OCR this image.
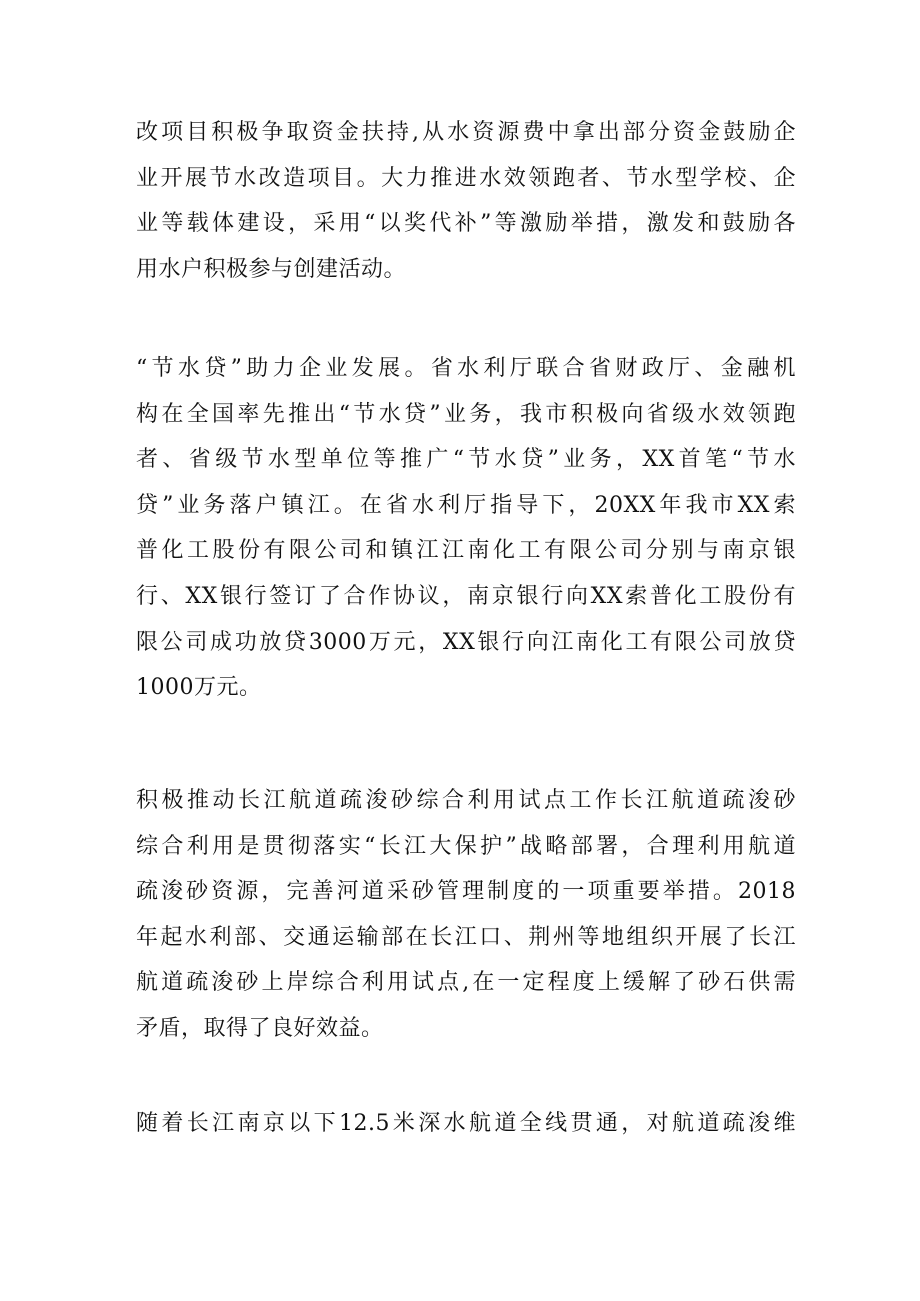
改项目积极争取资金扶持,从水资源费中拿出部分资金鼓励企
业开展节水改造项目。大力推进水效领跑者、节水型学校、企
业等载体建设，采用“以奖代补”等激励举措，激发和鼓励各
用水户积极参与创建活动。
“节水贷”助力企业发展。省水利厅联合省财政厅、金融机
构在全国率先推出“节水贷”业务，我市积极向省级水效领跑
者、省级节水型单位等推广“节水贷”业务，XX首笔“节水
贷”业务落户镇江。在省水利厅指导下，20XX年我市XX索
普化工股份有限公司和镇江江南化工有限公司分别与南京银
行、XX银行签订了合作协议，南京银行向XX索普化工股份有
限公司成功放贷3000万元，XX银行向江南化工有限公司放贷
1000万元。
积极推动长江航道疏浚砂综合利用试点工作长江航道疏浚砂
综合利用是贯彻落实“长江大保护”战略部署，合理利用航道
疏浚砂资源，完善河道采砂管理制度的一项重要举措。2018
年起水利部、交通运输部在长江口、荆州等地组织开展了长江
航道疏浚砂上岸综合利用试点,在一定程度上缓解了砂石供需
矛盾，取得了良好效益。
随着长江南京以下12.5米深水航道全线贯通，对航道疏浚维
